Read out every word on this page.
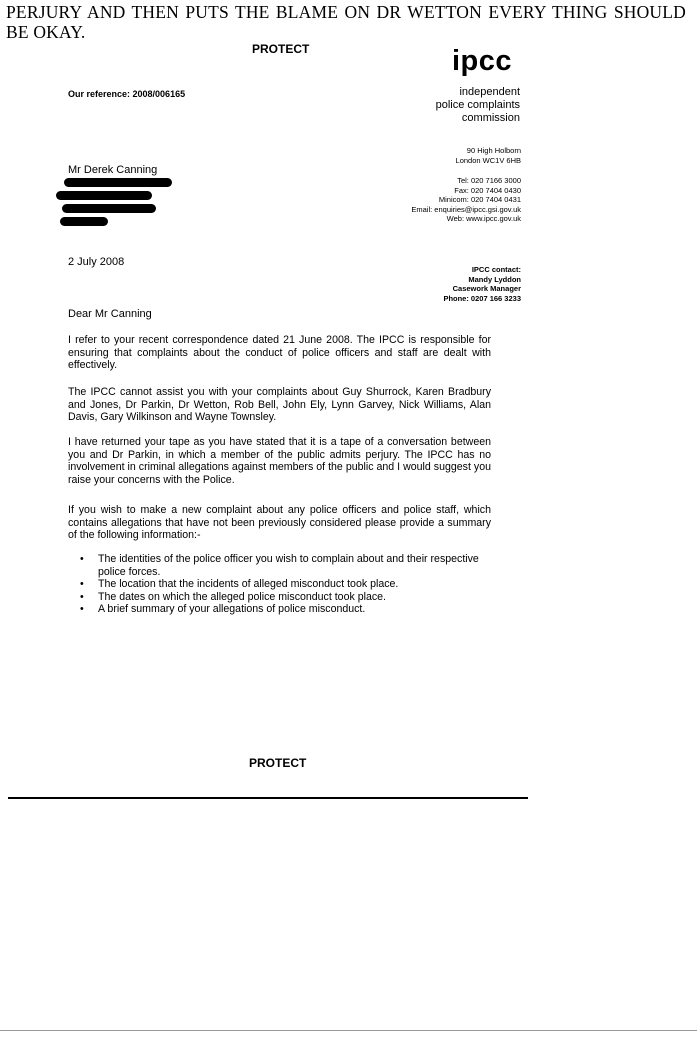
PERJURY AND THEN PUTS THE BLAME ON DR WETTON EVERY THING SHOULD BE OKAY.
PROTECT
Our reference: 2008/006165
ipcc
independent
police complaints
commission
90 High Holborn
London WC1V 6HB
Tel: 020 7166 3000
Fax: 020 7404 0430
Minicom: 020 7404 0431
Email: enquiries@ipcc.gsi.gov.uk
Web: www.ipcc.gov.uk
Mr Derek Canning
2 July 2008
IPCC contact:
Mandy Lyddon
Casework Manager
Phone: 0207 166 3233
Dear Mr Canning
I refer to your recent correspondence dated 21 June 2008. The IPCC is responsible for ensuring that complaints about the conduct of police officers and staff are dealt with effectively.
The IPCC cannot assist you with your complaints about Guy Shurrock, Karen Bradbury and Jones, Dr Parkin, Dr Wetton, Rob Bell, John Ely, Lynn Garvey, Nick Williams, Alan Davis, Gary Wilkinson and Wayne Townsley.
I have returned your tape as you have stated that it is a tape of a conversation between you and Dr Parkin, in which a member of the public admits perjury. The IPCC has no involvement in criminal allegations against members of the public and I would suggest you raise your concerns with the Police.
If you wish to make a new complaint about any police officers and police staff, which contains allegations that have not been previously considered please provide a summary of the following information:-
•	The identities of the police officer you wish to complain about and their respective police forces.
•	The location that the incidents of alleged misconduct took place.
•	The dates on which the alleged police misconduct took place.
•	A brief summary of your allegations of police misconduct.
PROTECT
